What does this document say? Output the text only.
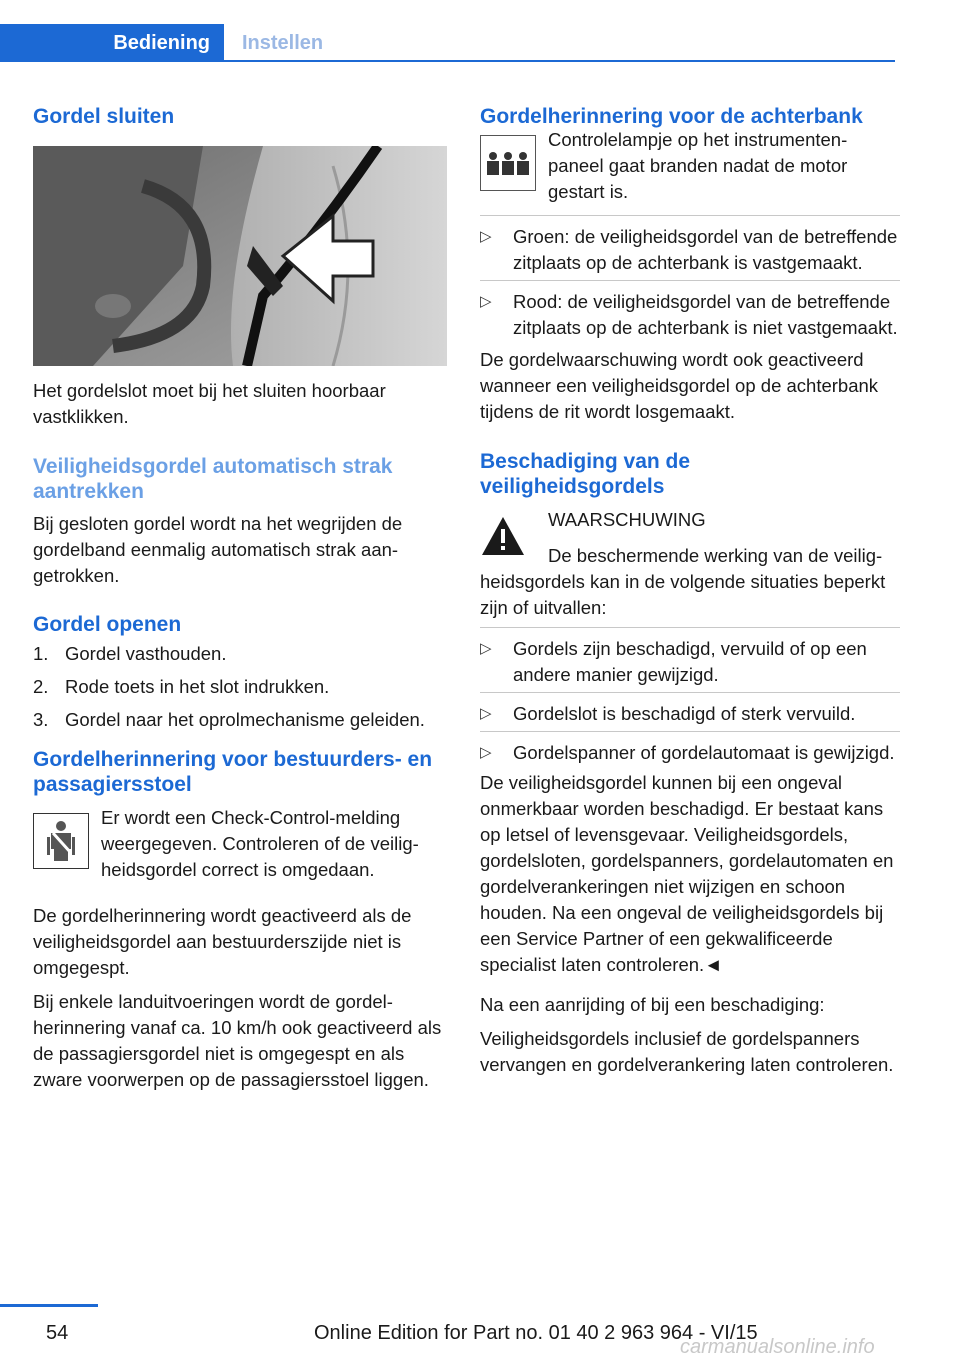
Bediening	Instellen
Gordel sluiten

Het gordelslot moet bij het sluiten hoorbaar vastklikken.

Veiligheidsgordel automatisch strak aantrekken

Bij gesloten gordel wordt na het wegrijden de gordelband eenmalig automatisch strak aangetrokken.

Gordel openen
1. Gordel vasthouden.
2. Rode toets in het slot indrukken.
3. Gordel naar het oprolmechanisme geleiden.
Gordelherinnering voor bestuurders- en passagiersstoel

Er wordt een Check-Control-melding weergegeven. Controleren of de veiligheidsgordel correct is omgedaan.

De gordelherinnering wordt geactiveerd als de veiligheidsgordel aan bestuurderszijde niet is omgegespt.

Bij enkele landuitvoeringen wordt de gordelherinnering vanaf ca. 10 km/h ook geactiveerd als de passagiersgordel niet is omgegespt en als zware voorwerpen op de passagiersstoel liggen.

Gordelherinnering voor de achterbank

Controlelampje op het instrumentenpaneel gaat branden nadat de motor gestart is.

▷ Groen: de veiligheidsgordel van de betreffende zitplaats op de achterbank is vastgemaakt.
▷ Rood: de veiligheidsgordel van de betreffende zitplaats op de achterbank is niet vastgemaakt.

De gordelwaarschuwing wordt ook geactiveerd wanneer een veiligheidsgordel op de achterbank tijdens de rit wordt losgemaakt.

Beschadiging van de veiligheidsgordels

WAARSCHUWING

De beschermende werking van de veiligheidsgordels kan in de volgende situaties beperkt zijn of uitvallen:

▷ Gordels zijn beschadigd, vervuild of op een andere manier gewijzigd.
▷ Gordelslot is beschadigd of sterk vervuild.
▷ Gordelspanner of gordelautomaat is gewijzigd.

De veiligheidsgordel kunnen bij een ongeval onmerkbaar worden beschadigd. Er bestaat kans op letsel of levensgevaar. Veiligheidsgordels, gordelsloten, gordelspanners, gordelautomaten en gordelverankeringen niet wijzigen en schoon houden. Na een ongeval de veiligheidsgordels bij een Service Partner of een gekwalificeerde specialist laten controleren.◄

Na een aanrijding of bij een beschadiging:

Veiligheidsgordels inclusief de gordelspanners vervangen en gordelverankering laten controleren.

54	Online Edition for Part no. 01 40 2 963 964 - VI/15
carmanualsonline.info
